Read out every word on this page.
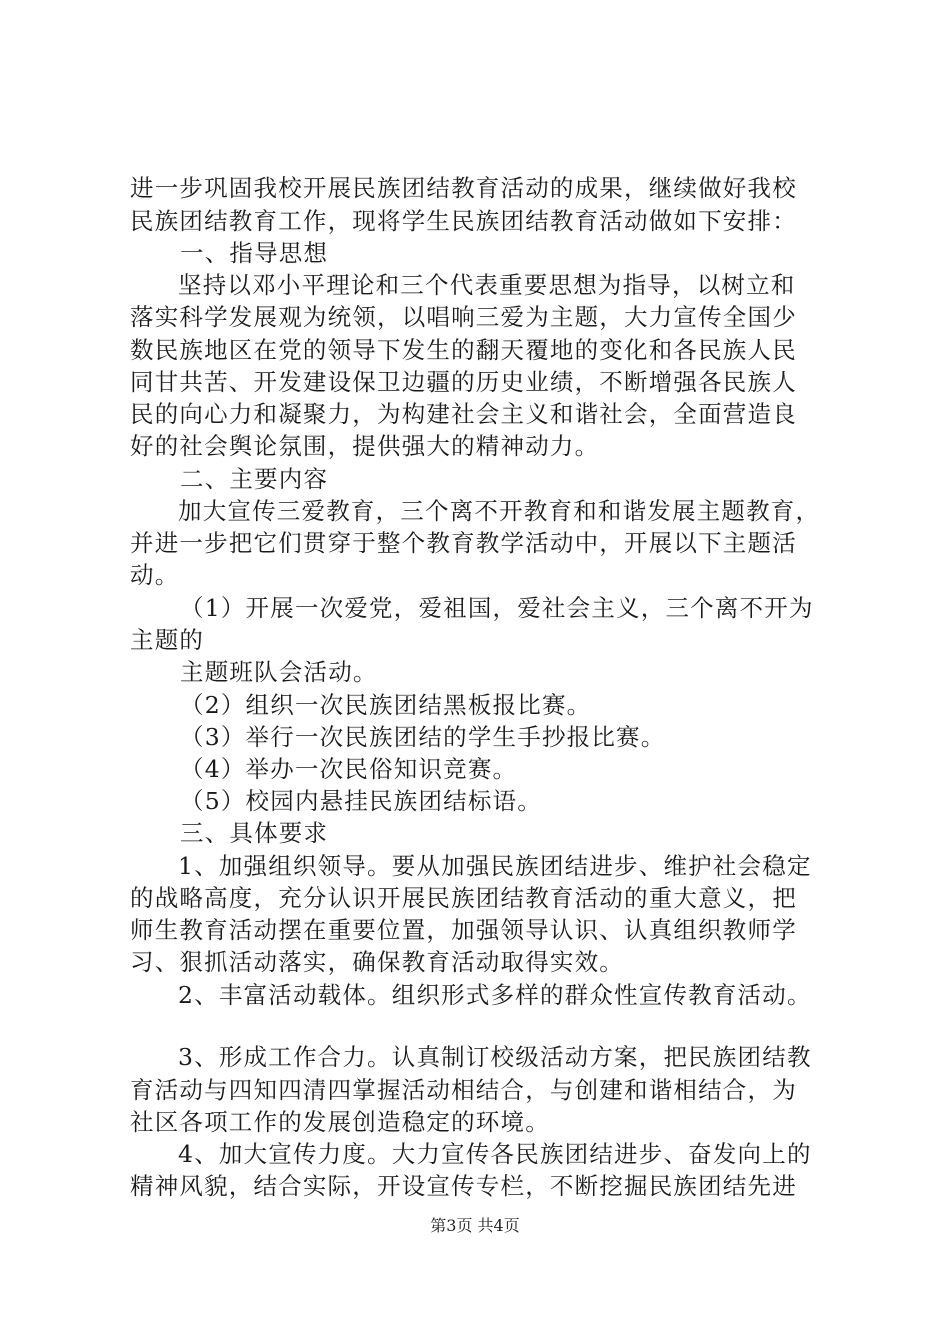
进一步巩固我校开展民族团结教育活动的成果，继续做好我校
民族团结教育工作，现将学生民族团结教育活动做如下安排：
一、指导思想
坚持以邓小平理论和三个代表重要思想为指导，以树立和
落实科学发展观为统领，以唱响三爱为主题，大力宣传全国少
数民族地区在党的领导下发生的翻天覆地的变化和各民族人民
同甘共苦、开发建设保卫边疆的历史业绩，不断增强各民族人
民的向心力和凝聚力，为构建社会主义和谐社会，全面营造良
好的社会舆论氛围，提供强大的精神动力。
二、主要内容
加大宣传三爱教育，三个离不开教育和和谐发展主题教育，
并进一步把它们贯穿于整个教育教学活动中，开展以下主题活
动。
（1）开展一次爱党，爱祖国，爱社会主义，三个离不开为
主题的
主题班队会活动。
（2）组织一次民族团结黑板报比赛。
（3）举行一次民族团结的学生手抄报比赛。
（4）举办一次民俗知识竞赛。
（5）校园内悬挂民族团结标语。
三、具体要求
1、加强组织领导。要从加强民族团结进步、维护社会稳定
的战略高度，充分认识开展民族团结教育活动的重大意义，把
师生教育活动摆在重要位置，加强领导认识、认真组织教师学
习、狠抓活动落实，确保教育活动取得实效。
2、丰富活动载体。组织形式多样的群众性宣传教育活动。
3、形成工作合力。认真制订校级活动方案，把民族团结教
育活动与四知四清四掌握活动相结合，与创建和谐相结合，为
社区各项工作的发展创造稳定的环境。
4、加大宣传力度。大力宣传各民族团结进步、奋发向上的
精神风貌，结合实际，开设宣传专栏，不断挖掘民族团结先进
第3页 共4页
